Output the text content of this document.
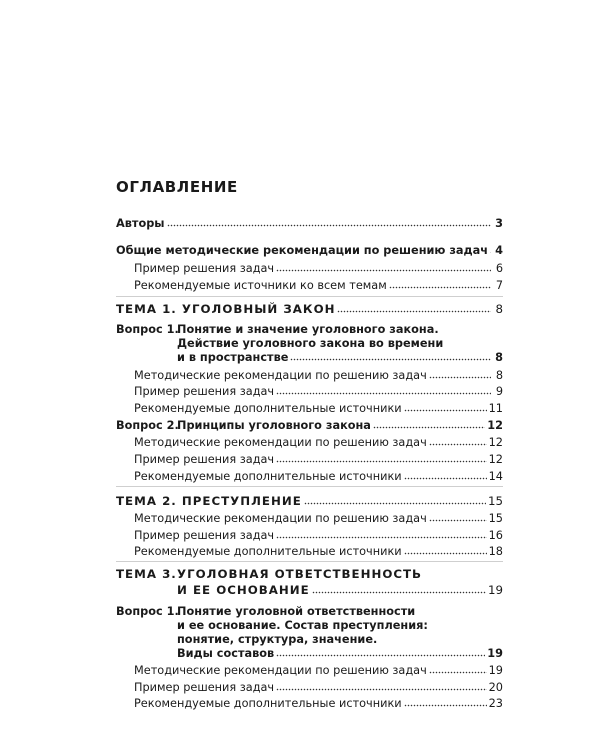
ОГЛАВЛЕНИЕ
Авторы	3
Общие методические рекомендации по решению задач 4
Пример решения задач	6
Рекомендуемые источники ко всем темам	7
ТЕМА 1. УГОЛОВНЫЙ ЗАКОН	8
Вопрос 1.
Понятие и значение уголовного закона.
Действие уголовного закона во времени
и в пространстве	8
Методические рекомендации по решению задач	8
Пример решения задач	9
Рекомендуемые дополнительные источники	11
Вопрос 2.
Принципы уголовного закона	12
Методические рекомендации по решению задач	12
Пример решения задач	12
Рекомендуемые дополнительные источники	14
ТЕМА 2. ПРЕСТУПЛЕНИЕ	15
Методические рекомендации по решению задач	15
Пример решения задач	16
Рекомендуемые дополнительные источники	18
ТЕМА 3. УГОЛОВНАЯ ОТВЕТСТВЕННОСТЬ
И ЕЕ ОСНОВАНИЕ	19
Вопрос 1.
Понятие уголовной ответственности
и ее основание. Состав преступления:
понятие, структура, значение.
Виды составов	19
Методические рекомендации по решению задач	19
Пример решения задач	20
Рекомендуемые дополнительные источники	23
